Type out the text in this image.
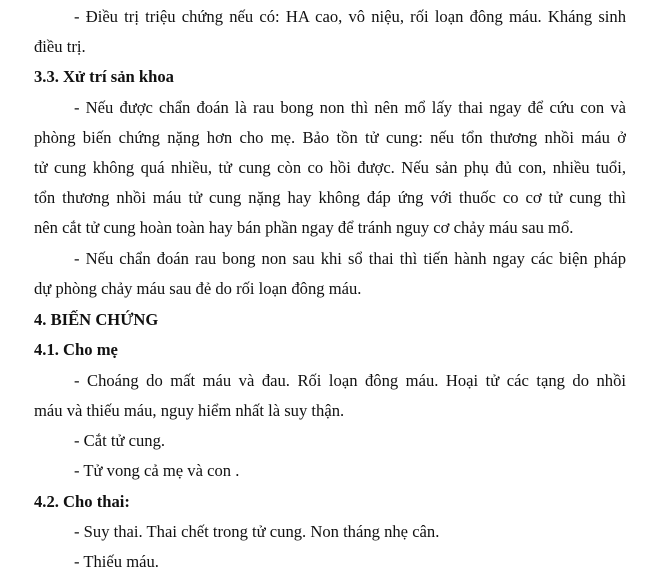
- Điều trị triệu chứng nếu có: HA cao, vô niệu, rối loạn đông máu. Kháng sinh
điều trị.
3.3. Xử trí sản khoa
- Nếu được chẩn đoán là rau bong non thì nên mổ lấy thai ngay để cứu con và
phòng biến chứng nặng hơn cho mẹ. Bảo tồn tử cung: nếu tổn thương nhồi máu ở
tử cung không quá nhiều, tử cung còn co hồi được. Nếu sản phụ đủ con, nhiều tuổi,
tổn thương nhồi máu tử cung nặng hay không đáp ứng với thuốc co cơ tử cung thì
nên cắt tử cung hoàn toàn hay bán phần ngay để tránh nguy cơ chảy máu sau mổ.
- Nếu chẩn đoán rau bong non sau khi sổ thai thì tiến hành ngay các biện pháp
dự phòng chảy máu sau đẻ do rối loạn đông máu.
4. BIẾN CHỨNG
4.1. Cho mẹ
- Choáng do mất máu và đau. Rối loạn đông máu. Hoại tử các tạng do nhồi
máu và thiếu máu, nguy hiểm nhất là suy thận.
- Cắt tử cung.
- Tử vong cả mẹ và con .
4.2. Cho thai:
- Suy thai. Thai chết trong tử cung. Non tháng nhẹ cân.
- Thiếu máu.
